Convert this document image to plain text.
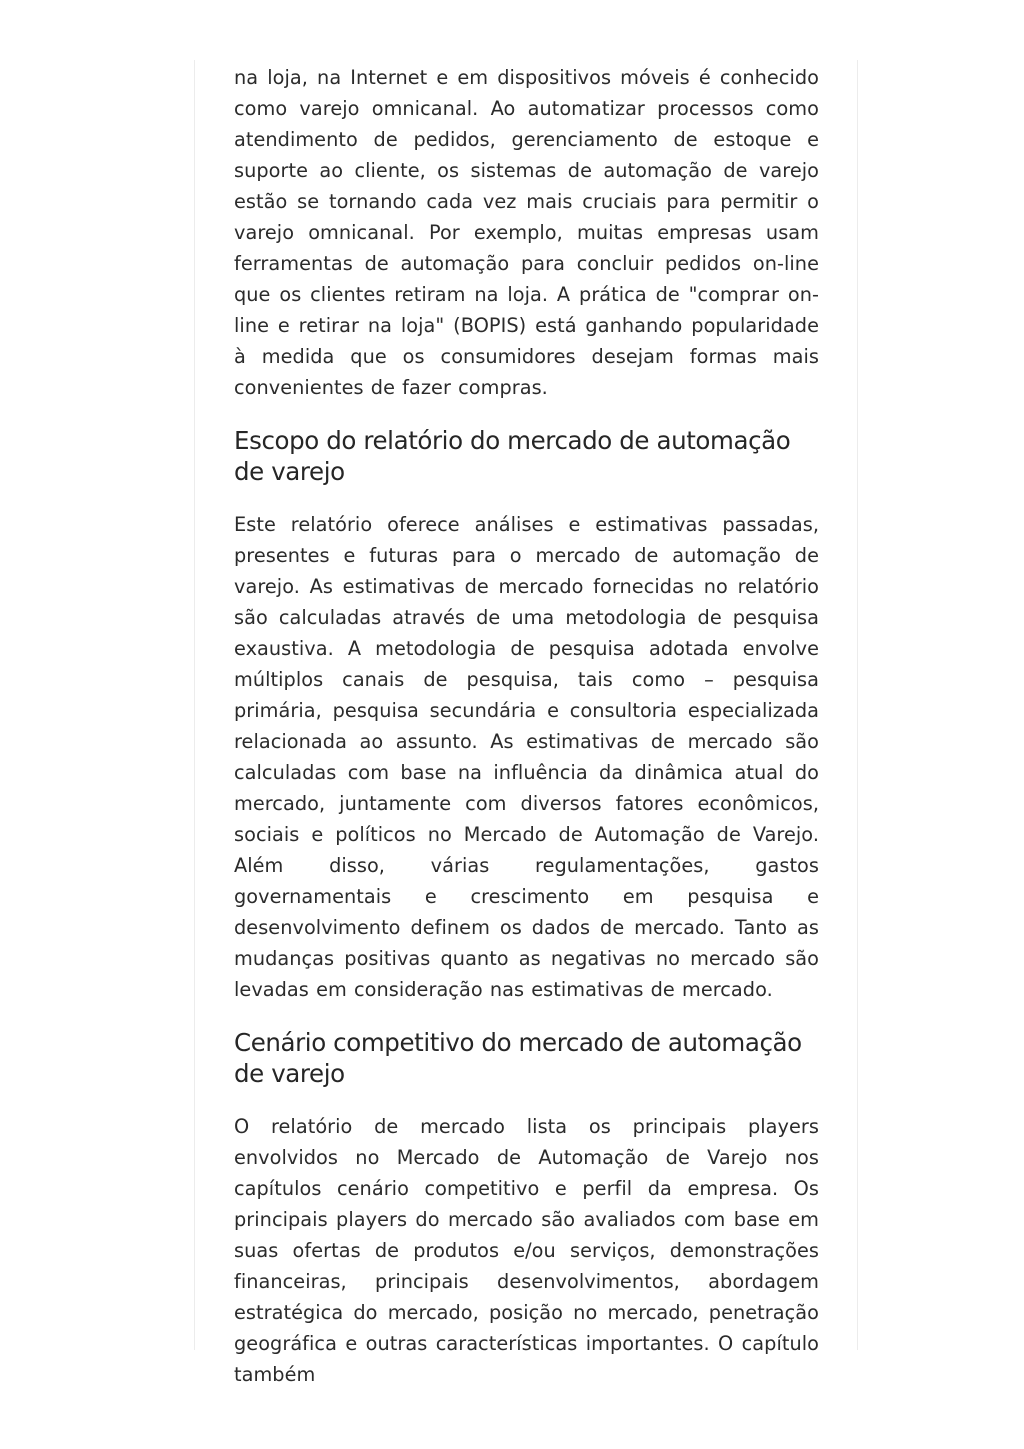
na loja, na Internet e em dispositivos móveis é conhecido como varejo omnicanal. Ao automatizar processos como atendimento de pedidos, gerenciamento de estoque e suporte ao cliente, os sistemas de automação de varejo estão se tornando cada vez mais cruciais para permitir o varejo omnicanal. Por exemplo, muitas empresas usam ferramentas de automação para concluir pedidos on-line que os clientes retiram na loja. A prática de "comprar on-line e retirar na loja" (BOPIS) está ganhando popularidade à medida que os consumidores desejam formas mais convenientes de fazer compras.

Escopo do relatório do mercado de automação de varejo

Este relatório oferece análises e estimativas passadas, presentes e futuras para o mercado de automação de varejo. As estimativas de mercado fornecidas no relatório são calculadas através de uma metodologia de pesquisa exaustiva. A metodologia de pesquisa adotada envolve múltiplos canais de pesquisa, tais como – pesquisa primária, pesquisa secundária e consultoria especializada relacionada ao assunto. As estimativas de mercado são calculadas com base na influência da dinâmica atual do mercado, juntamente com diversos fatores econômicos, sociais e políticos no Mercado de Automação de Varejo. Além disso, várias regulamentações, gastos governamentais e crescimento em pesquisa e desenvolvimento definem os dados de mercado. Tanto as mudanças positivas quanto as negativas no mercado são levadas em consideração nas estimativas de mercado.

Cenário competitivo do mercado de automação de varejo

O relatório de mercado lista os principais players envolvidos no Mercado de Automação de Varejo nos capítulos cenário competitivo e perfil da empresa. Os principais players do mercado são avaliados com base em suas ofertas de produtos e/ou serviços, demonstrações financeiras, principais desenvolvimentos, abordagem estratégica do mercado, posição no mercado, penetração geográfica e outras características importantes. O capítulo também
